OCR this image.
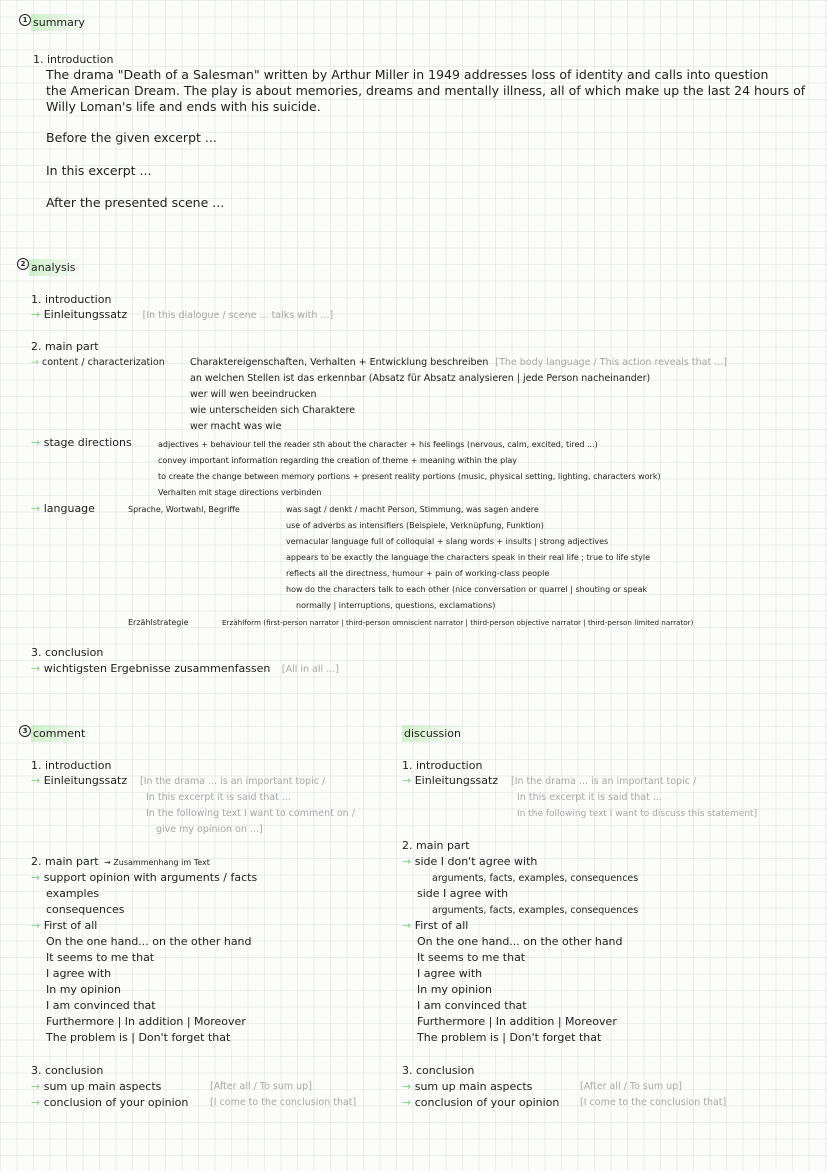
1 summary
1. introduction
The drama "Death of a Salesman" written by Arthur Miller in 1949 addresses loss of identity and calls into question
the American Dream. The play is about memories, dreams and mentally illness, all of which make up the last 24 hours of
Willy Loman's life and ends with his suicide.
Before the given excerpt ...
In this excerpt ...
After the presented scene ...
2 analysis
1. introduction
→ Einleitungssatz [In this dialogue / scene ... talks with ...]
2. main part
→ content / characterization	Charaktereigenschaften, Verhalten + Entwicklung beschreiben [The body language / This action reveals that ...]
an welchen Stellen ist das erkennbar (Absatz für Absatz analysieren | jede Person nacheinander)
wer will wen beeindrucken
wie unterscheiden sich Charaktere
wer macht was wie
→ stage directions	adjectives + behaviour tell the reader sth about the character + his feelings (nervous, calm, excited, tired ...)
convey important information regarding the creation of theme + meaning within the play
to create the change between memory portions + present reality portions (music, physical setting, lighting, characters work)
Verhalten mit stage directions verbinden
→ language	Sprache, Wortwahl, Begriffe	was sagt / denkt / macht Person, Stimmung, was sagen andere
use of adverbs as intensifiers (Beispiele, Verknüpfung, Funktion)
vernacular language full of colloquial + slang words + insults | strong adjectives
appears to be exactly the language the characters speak in their real life ; true to life style
reflects all the directness, humour + pain of working-class people
how do the characters talk to each other (nice conversation or quarrel | shouting or speak
normally | interruptions, questions, exclamations)
Erzählstrategie	Erzählform (first-person narrator | third-person omniscient narrator | third-person objective narrator | third-person limited narrator)
3. conclusion
→ wichtigsten Ergebnisse zusammenfassen [All in all ...]
3 comment
1. introduction
→ Einleitungssatz [In the drama ... is an important topic /
In this excerpt it is said that ...
In the following text I want to comment on /
give my opinion on ...]
2. main part → Zusammenhang im Text
→ support opinion with arguments / facts
examples
consequences
→ First of all
On the one hand... on the other hand
It seems to me that
I agree with
In my opinion
I am convinced that
Furthermore | In addition | Moreover
The problem is | Don't forget that
3. conclusion
→ sum up main aspects	[After all / To sum up]
→ conclusion of your opinion [I come to the conclusion that]
discussion
1. introduction
→ Einleitungssatz [In the drama ... is an important topic /
In this excerpt it is said that ...
In the following text I want to discuss this statement]
2. main part
→ side I don't agree with
arguments, facts, examples, consequences
side I agree with
arguments, facts, examples, consequences
→ First of all
On the one hand... on the other hand
It seems to me that
I agree with
In my opinion
I am convinced that
Furthermore | In addition | Moreover
The problem is | Don't forget that
3. conclusion
→ sum up main aspects	[After all / To sum up]
→ conclusion of your opinion [I come to the conclusion that]
